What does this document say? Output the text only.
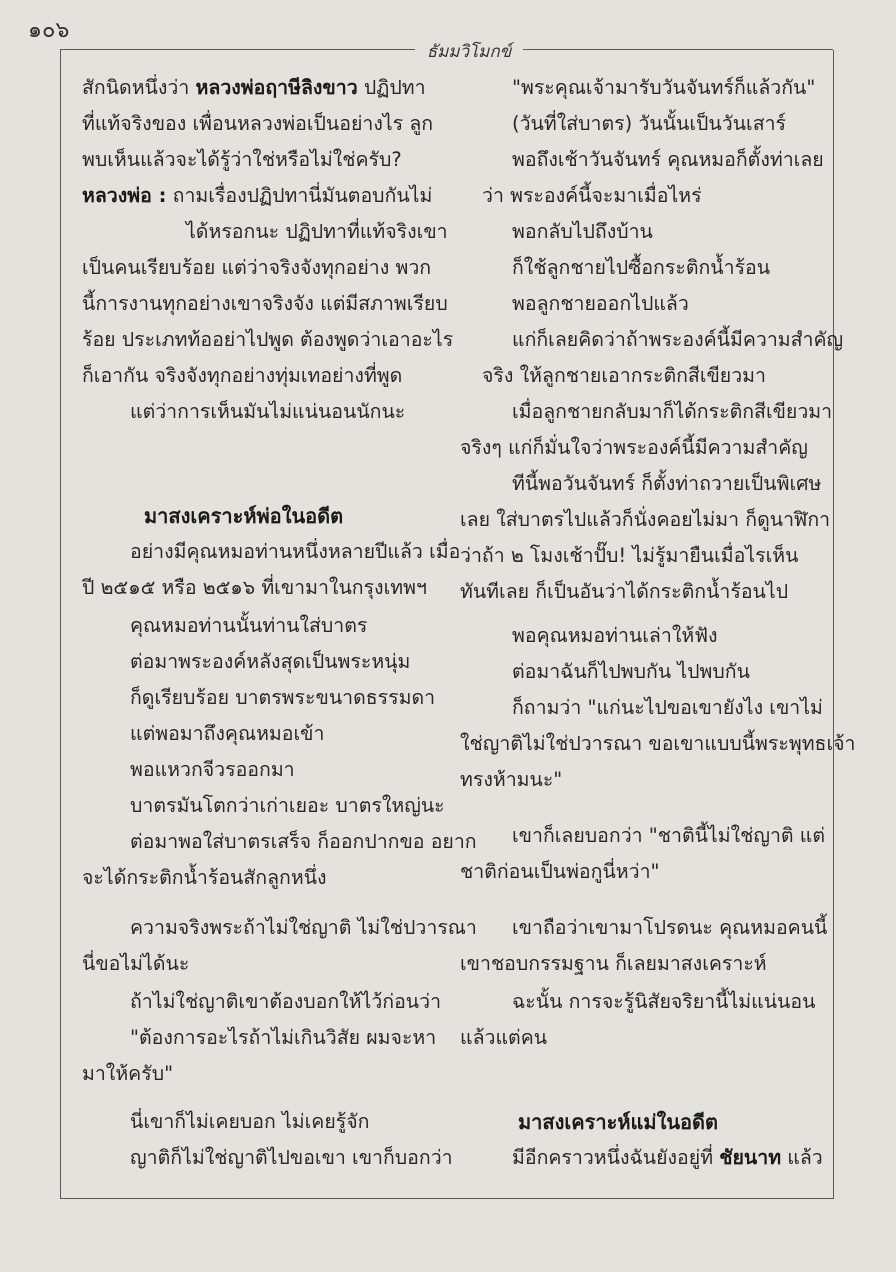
๑๐๖
ธัมมวิโมกข์
สักนิดหนึ่งว่า หลวงพ่อฤาษีลิงขาว ปฏิปทา
ที่แท้จริงของ เพื่อนหลวงพ่อเป็นอย่างไร ลูก
พบเห็นแล้วจะได้รู้ว่าใช่หรือไม่ใช่ครับ?
หลวงพ่อ : ถามเรื่องปฏิปทานี่มันตอบกันไม่
ได้หรอกนะ ปฏิปทาที่แท้จริงเขา
เป็นคนเรียบร้อย แต่ว่าจริงจังทุกอย่าง พวก
นี้การงานทุกอย่างเขาจริงจัง แต่มีสภาพเรียบ
ร้อย ประเภทท้ออย่าไปพูด ต้องพูดว่าเอาอะไร
ก็เอากัน จริงจังทุกอย่างทุ่มเทอย่างที่พูด
แต่ว่าการเห็นมันไม่แน่นอนนักนะ
มาสงเคราะห์พ่อในอดีต
อย่างมีคุณหมอท่านหนึ่งหลายปีแล้ว เมื่อ
ปี ๒๕๑๕ หรือ ๒๕๑๖ ที่เขามาในกรุงเทพฯ
คุณหมอท่านนั้นท่านใส่บาตร
ต่อมาพระองค์หลังสุดเป็นพระหนุ่ม
ก็ดูเรียบร้อย บาตรพระขนาดธรรมดา
แต่พอมาถึงคุณหมอเข้า
พอแหวกจีวรออกมา
บาตรมันโตกว่าเก่าเยอะ บาตรใหญ่นะ
ต่อมาพอใส่บาตรเสร็จ ก็ออกปากขอ อยาก
จะได้กระติกน้ำร้อนสักลูกหนึ่ง
ความจริงพระถ้าไม่ใช่ญาติ ไม่ใช่ปวารณา
นี่ขอไม่ได้นะ
ถ้าไม่ใช่ญาติเขาต้องบอกให้ไว้ก่อนว่า
"ต้องการอะไรถ้าไม่เกินวิสัย ผมจะหา
มาให้ครับ"
นี่เขาก็ไม่เคยบอก ไม่เคยรู้จัก
ญาติก็ไม่ใช่ญาติไปขอเขา เขาก็บอกว่า
"พระคุณเจ้ามารับวันจันทร์ก็แล้วกัน"
(วันที่ใส่บาตร) วันนั้นเป็นวันเสาร์
พอถึงเช้าวันจันทร์ คุณหมอก็ตั้งท่าเลย
ว่า พระองค์นี้จะมาเมื่อไหร่
พอกลับไปถึงบ้าน
ก็ใช้ลูกชายไปซื้อกระติกน้ำร้อน
พอลูกชายออกไปแล้ว
แก่ก็เลยคิดว่าถ้าพระองค์นี้มีความสำคัญ
จริง ให้ลูกชายเอากระติกสีเขียวมา
เมื่อลูกชายกลับมาก็ได้กระติกสีเขียวมา
จริงๆ แก่ก็มั่นใจว่าพระองค์นี้มีความสำคัญ
ทีนี้พอวันจันทร์ ก็ตั้งท่าถวายเป็นพิเศษ
เลย ใส่บาตรไปแล้วก็นั่งคอยไม่มา ก็ดูนาฬิกา
ว่าถ้า ๒ โมงเช้าปั๊บ! ไม่รู้มายืนเมื่อไรเห็น
ทันทีเลย ก็เป็นอันว่าได้กระติกน้ำร้อนไป
พอคุณหมอท่านเล่าให้ฟัง
ต่อมาฉันก็ไปพบกัน ไปพบกัน
ก็ถามว่า "แก่นะไปขอเขายังไง เขาไม่
ใช่ญาติไม่ใช่ปวารณา ขอเขาแบบนี้พระพุทธเจ้า
ทรงห้ามนะ"
เขาก็เลยบอกว่า "ชาตินี้ไม่ใช่ญาติ แต่
ชาติก่อนเป็นพ่อกูนี่หว่า"
เขาถือว่าเขามาโปรดนะ คุณหมอคนนี้
เขาชอบกรรมฐาน ก็เลยมาสงเคราะห์
ฉะนั้น การจะรู้นิสัยจริยานี้ไม่แน่นอน
แล้วแต่คน
มาสงเคราะห์แม่ในอดีต
มีอีกคราวหนึ่งฉันยังอยู่ที่ ชัยนาท แล้ว
